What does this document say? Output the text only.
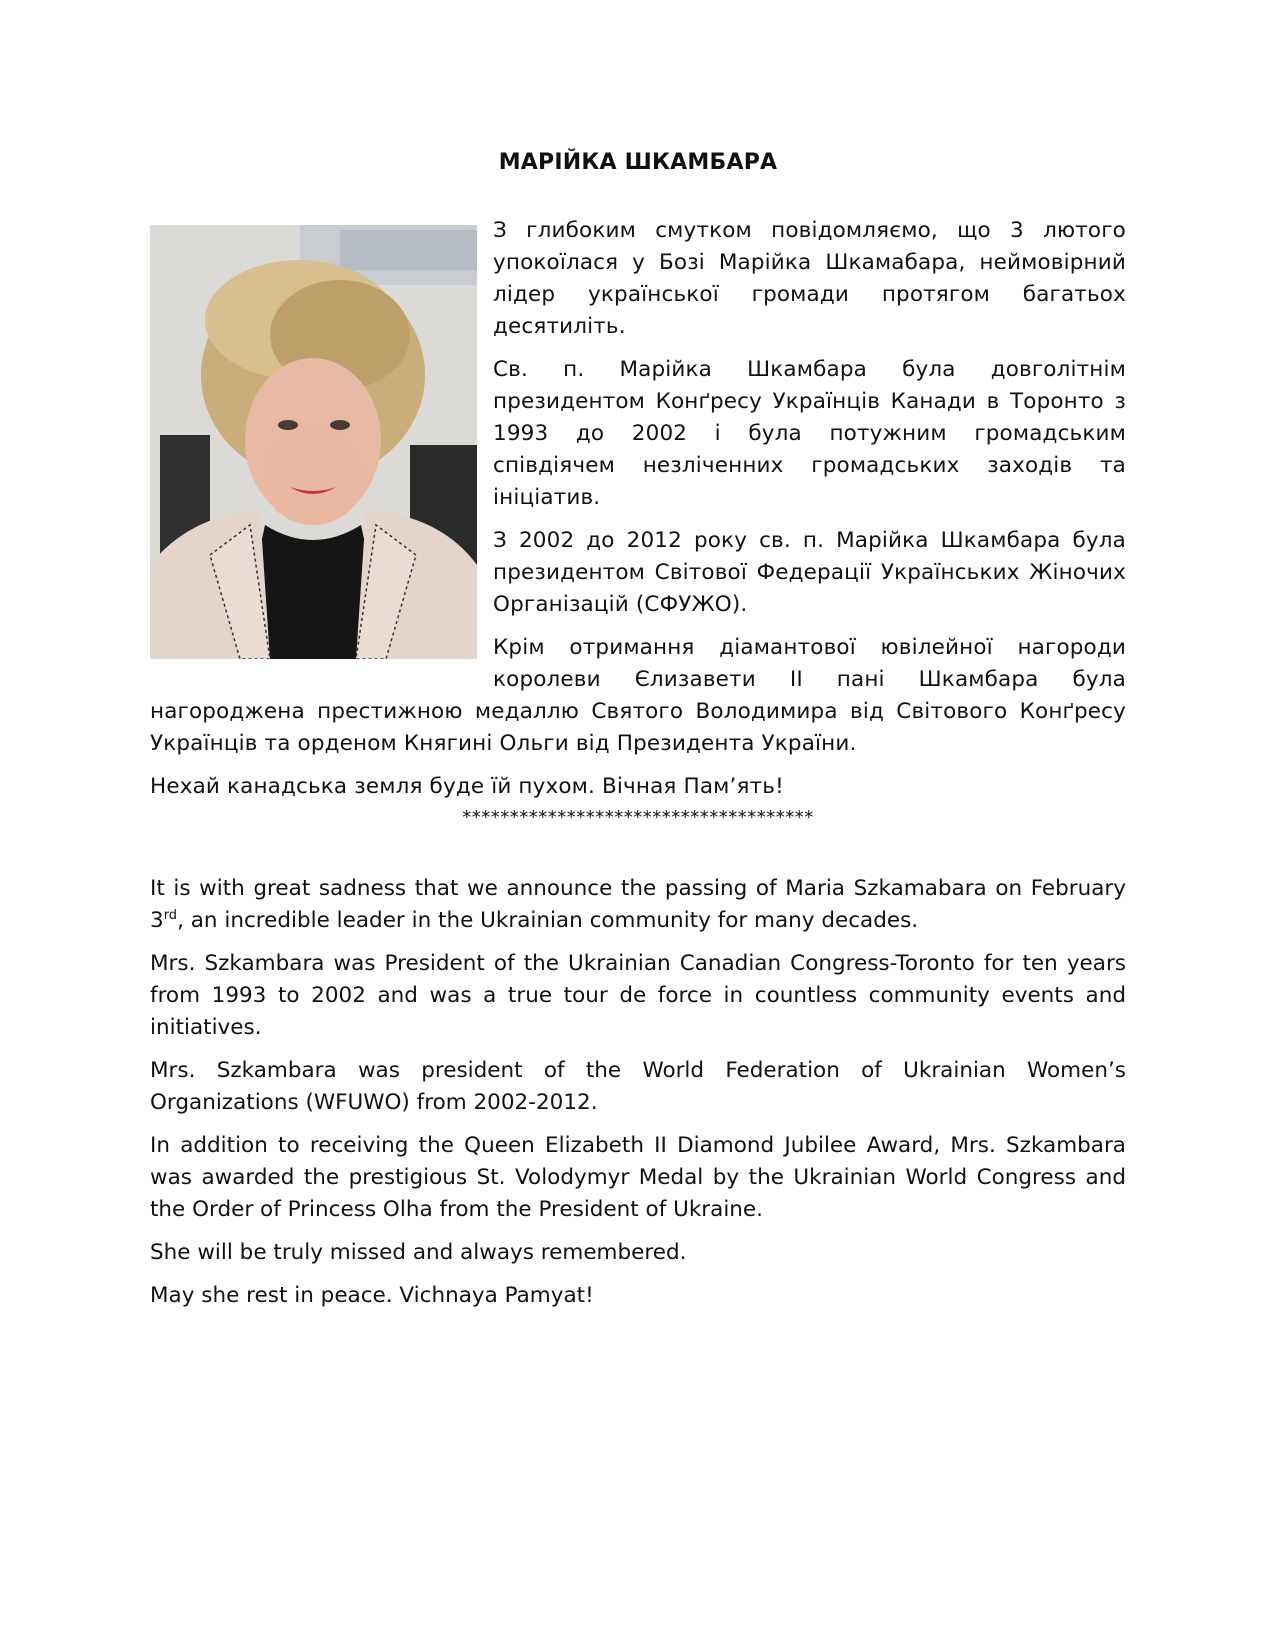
МАРІЙКА ШКАМБАРА

З глибоким смутком повідомляємо, що 3 лютого упокоїлася у Бозі Марійка Шкамабара, неймовірний лідер української громади протягом багатьох десятиліть.

Св. п. Марійка Шкамбара була довголітнім президентом Конґресу Українців Канади в Торонто з 1993 до 2002 і була потужним громадським співдіячем незліченних громадських заходів та ініціатив.

З 2002 до 2012 року св. п. Марійка Шкамбара була президентом Світової Федерації Українських Жіночих Організацій (СФУЖО).

Крім отримання діамантової ювілейної нагороди королеви Єлизавети II пані Шкамбара була нагороджена престижною медаллю Святого Володимира від Світового Конґресу Українців та орденом Княгині Ольги від Президента України.

Нехай канадська земля буде їй пухом. Вічная Пам’ять!

*************************************

It is with great sadness that we announce the passing of Maria Szkamabara on February 3rd, an incredible leader in the Ukrainian community for many decades.

Mrs. Szkambara was President of the Ukrainian Canadian Congress-Toronto for ten years from 1993 to 2002 and was a true tour de force in countless community events and initiatives.

Mrs. Szkambara was president of the World Federation of Ukrainian Women’s Organizations (WFUWO) from 2002-2012.

In addition to receiving the Queen Elizabeth II Diamond Jubilee Award, Mrs. Szkambara was awarded the prestigious St. Volodymyr Medal by the Ukrainian World Congress and the Order of Princess Olha from the President of Ukraine.

She will be truly missed and always remembered.

May she rest in peace. Vichnaya Pamyat!
